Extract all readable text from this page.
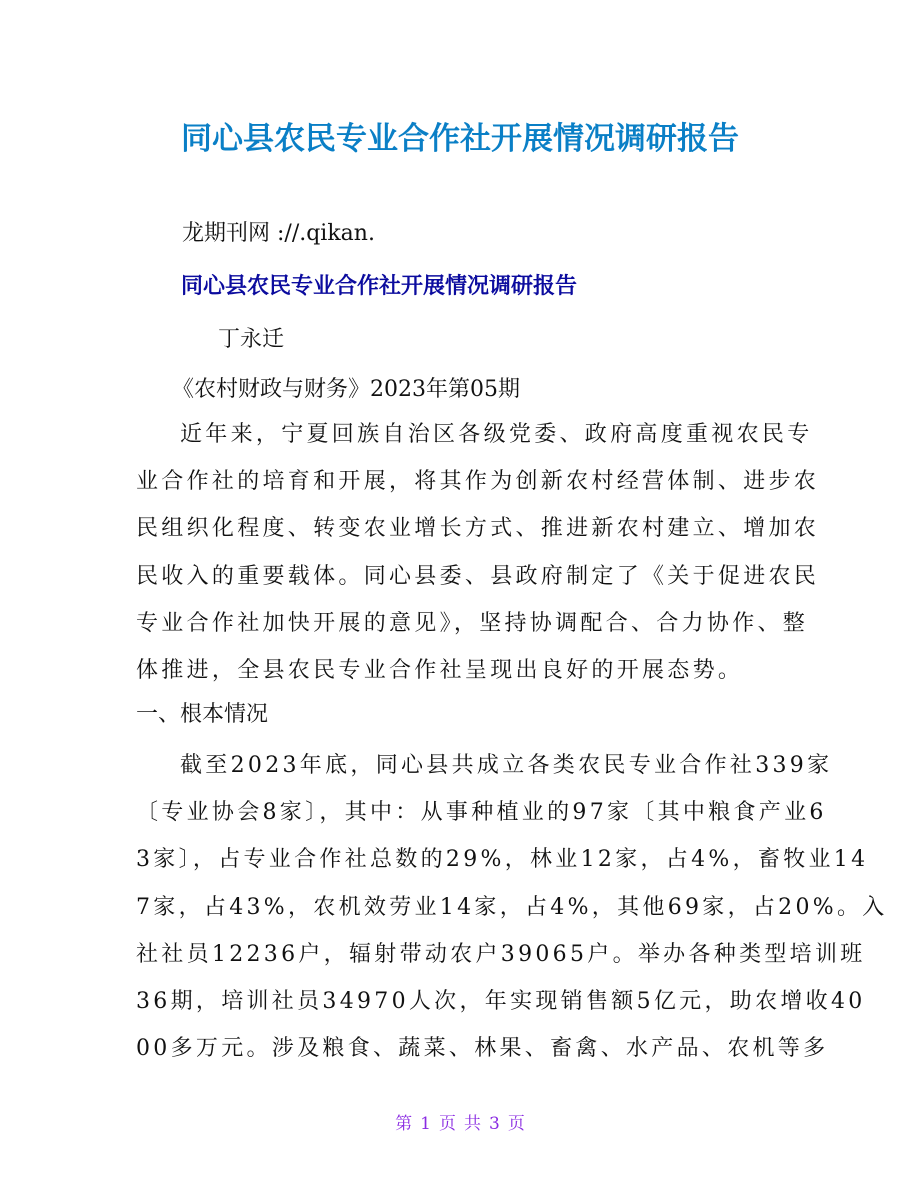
同心县农民专业合作社开展情况调研报告
龙期刊网 ://.qikan.
同心县农民专业合作社开展情况调研报告
丁永迁
《农村财政与财务》2023年第05期
近年来，宁夏回族自治区各级党委、政府高度重视农民专
业合作社的培育和开展，将其作为创新农村经营体制、进步农
民组织化程度、转变农业增长方式、推进新农村建立、增加农
民收入的重要载体。同心县委、县政府制定了《关于促进农民
专业合作社加快开展的意见》，坚持协调配合、合力协作、整
体推进，全县农民专业合作社呈现出良好的开展态势。
一、根本情况
截至2023年底，同心县共成立各类农民专业合作社339家
〔专业协会8家〕，其中：从事种植业的97家〔其中粮食产业6
3家〕，占专业合作社总数的29%，林业12家，占4%，畜牧业14
7家，占43%，农机效劳业14家，占4%，其他69家，占20%。入
社社员12236户，辐射带动农户39065户。举办各种类型培训班
36期，培训社员34970人次，年实现销售额5亿元，助农增收40
00多万元。涉及粮食、蔬菜、林果、畜禽、水产品、农机等多
第 1 页 共 3 页
